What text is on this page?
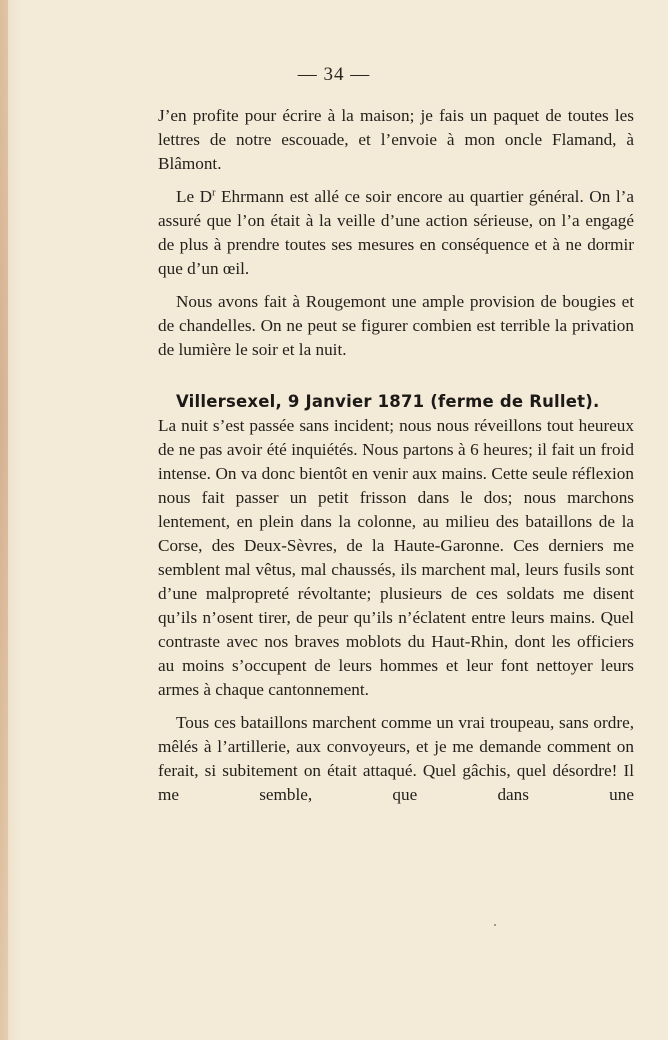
— 34 —

J’en profite pour écrire à la maison; je fais un paquet de toutes les lettres de notre escouade, et l’envoie à mon oncle Flamand, à Blâmont.

Le $D^r$ Ehrmann est allé ce soir encore au quartier général. On l’a assuré que l’on était à la veille d’une action sérieuse, on l’a engagé de plus à prendre toutes ses mesures en conséquence et à ne dormir que d’un œil.

Nous avons fait à Rougemont une ample provision de bougies et de chandelles. On ne peut se figurer combien est terrible la privation de lumière le soir et la nuit.

Villersexel, 9 Janvier 1871 (ferme de Rullet).

La nuit s’est passée sans incident; nous nous réveillons tout heureux de ne pas avoir été inquiétés. Nous partons à 6 heures; il fait un froid intense. On va donc bientôt en venir aux mains. Cette seule réflexion nous fait passer un petit frisson dans le dos; nous marchons lentement, en plein dans la colonne, au milieu des bataillons de la Corse, des Deux-Sèvres, de la Haute-Garonne. Ces derniers me semblent mal vêtus, mal chaussés, ils marchent mal, leurs fusils sont d’une malpropreté révoltante; plusieurs de ces soldats me disent qu’ils n’osent tirer, de peur qu’ils n’éclatent entre leurs mains. Quel contraste avec nos braves moblots du Haut-Rhin, dont les officiers au moins s’occupent de leurs hommes et leur font nettoyer leurs armes à chaque cantonnement.

Tous ces bataillons marchent comme un vrai troupeau, sans ordre, mêlés à l’artillerie, aux convoyeurs, et je me demande comment on ferait, si subitement on était attaqué. Quel gâchis, quel désordre! Il me semble, que dans une
